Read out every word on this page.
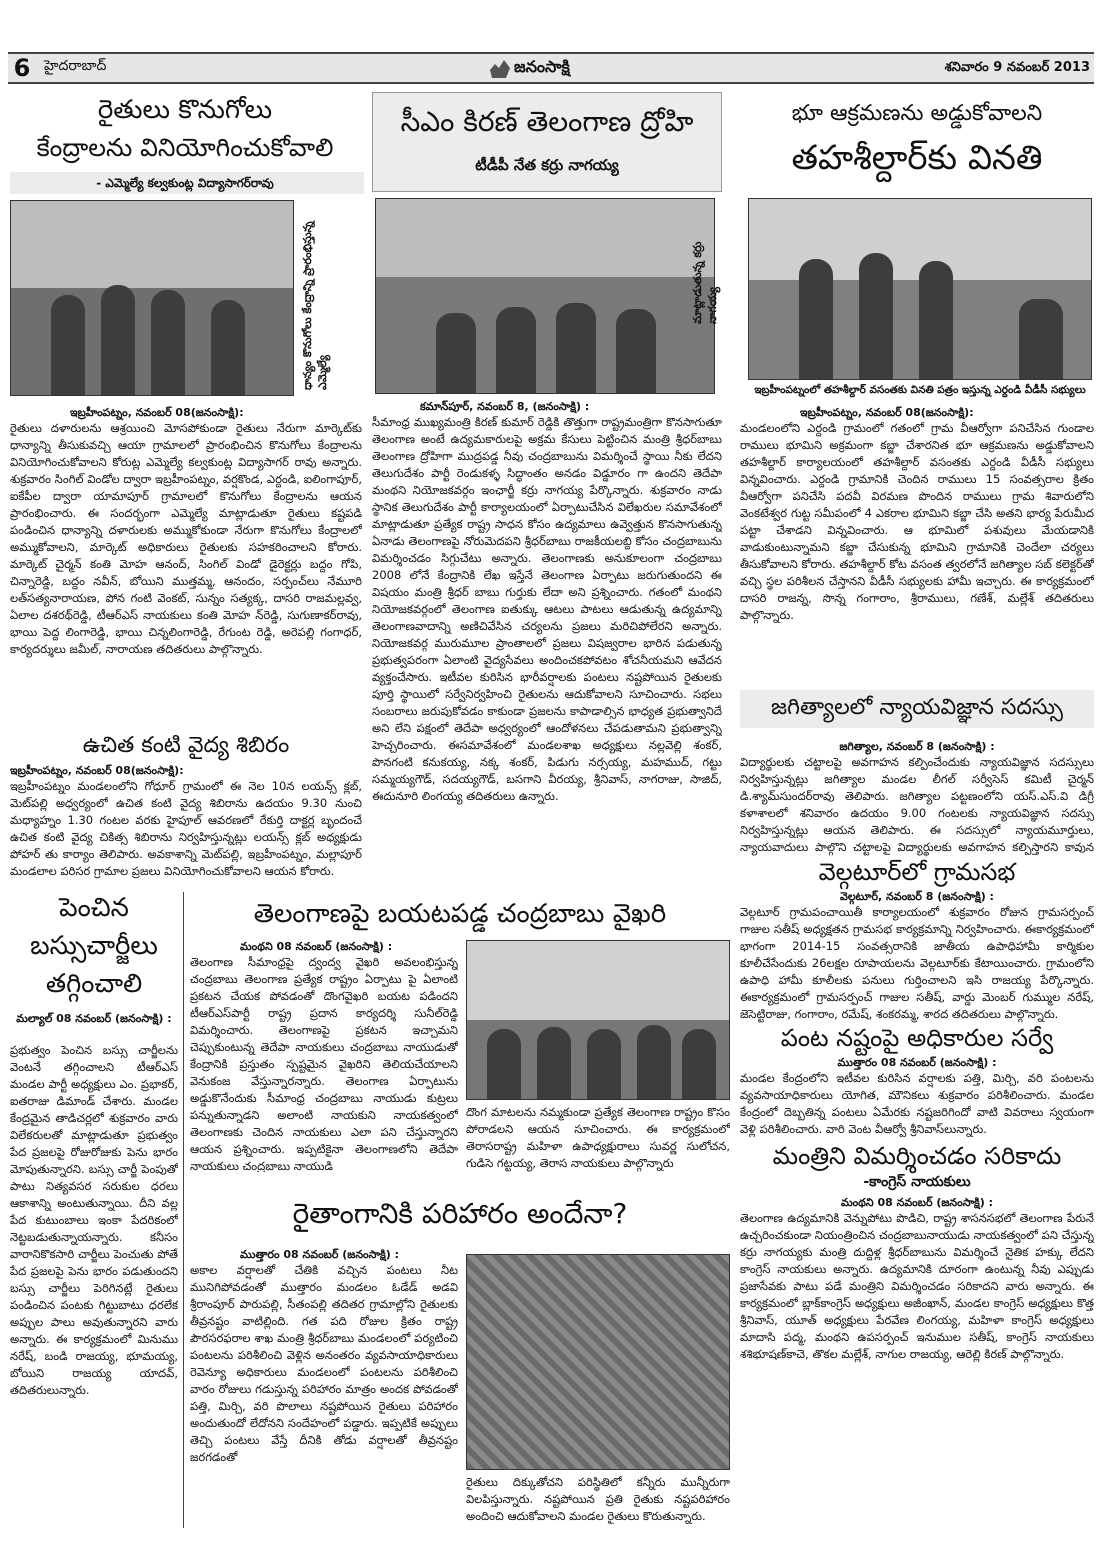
6 హైదరాబాద్	జనంసాక్షి	శనివారం 9 నవంబర్ 2013
రైతులు కొనుగోలు
కేంద్రాలను వినియోగించుకోవాలి
- ఎమ్మెల్యే కల్వకుంట్ల విద్యాసాగర్‌రావు
ధాన్యం కొనుగోలు కేంద్రాన్ని ప్రారంభిస్తున్న ఎమ్మెల్యే
ఇబ్రహీంపట్నం, నవంబర్ 08(జనంసాక్షి):
రైతులు దళారులను ఆశ్రయించి మోసపోకుండా రైతులు నేరుగా మార్కెట్‌కు ధాన్యాన్ని తీసుకువచ్చి ఆయా గ్రామాలలో ప్రారంభించిన కొనుగోలు కేంద్రాలను వినియోగించుకోవాలని కోరుట్ల ఎమ్మెల్యే కల్వకుంట్ల విద్యాసాగర్ రావు అన్నారు. శుక్రవారం సింగిల్ విండోల ద్వారా ఇబ్రహీంపట్నం, వర్షకొండ, ఎర్దండి, ఐలింగాపూర్, ఐకేపీల ద్వారా యామాపూర్ గ్రామాలలో కొనుగోలు కేంద్రాలను ఆయన ప్రారంభించారు. ఈ సందర్భంగా ఎమ్మెల్యే మాట్లాడుతూ రైతులు కష్టపడి పండించిన ధాన్యాన్ని దళారులకు అమ్ముకోకుండా నేరుగా కొనుగోలు కేంద్రాలలో అమ్ముకోవాలని, మార్కెట్ అధికారులు రైతులకు సహకరించాలని కోరారు. మార్కెట్ చైర్మన్ కంతి మోహ ఆనంద్, సింగిల్ విండో డైరెక్టర్లు బద్దం గోపి, చిన్నారెడ్డి, బద్దం నవీన్, బోయిని ముత్తమ్మ, ఆనందం, సర్పంచ్‌లు నేమూరి లత్‌సత్యనారాయణ, పోన గంటి వెంకట్, సున్నం సత్యక్క, దాసరి రాజమల్లవ్వ, ఏలాల దశరథ్‌రెడ్డి, టీఆర్‌ఎస్ నాయకులు కంతి మోహ న్‌రెడ్డి, సుగుణాకర్‌రావు, భాయి పెద్ద లింగారెడ్డి, భాయి చిన్నలింగారెడ్డి, రేగుంట రెడ్డి, అరెపల్లి గంగాధర్, కార్యదర్శులు జమీల్, నారాయణ తదితరులు పాల్గొన్నారు.
ఉచిత కంటి వైద్య శిబిరం
ఇబ్రహీంపట్నం, నవంబర్ 08(జనంసాక్షి):
ఇబ్రహీంపట్నం మండలంలోని గోధూర్ గ్రామంలో ఈ నెల 10న లయన్స్ క్లబ్, మెట్‌పల్లి అధ్వర్యంలో ఉచిత కంటి వైద్య శిబిరాను ఉదయం 9.30 నుంచి మధ్యాహ్నం 1.30 గంటల వరకు హైపూల్ ఆవరణలో రేకుర్తి దాక్టర్ల బృందంచే ఉచిత కంటి వైద్య చికిత్స శిబిరాను నిర్వహిస్తున్నట్లు లయన్స్ క్లబ్ అధ్యక్షుడు పోహర్ తు కార్యాం తెలిపారు. అవకాశాన్ని మెట్‌పల్లి, ఇబ్రహీంపట్నం, మల్లాపూర్ మండలాల పరిసర గ్రామాల ప్రజలు వినియోగించుకోవాలని ఆయన కోరారు.
పెంచిన
బస్సుచార్జీలు
తగ్గించాలి
మల్యాల్ 08 నవంబర్ (జనంసాక్షి) :
ప్రభుత్వం పెంచిన బస్సు చార్జీలను వెంటనే తగ్గించాలని టీఆర్‌ఎస్ మండల పార్టీ అధ్యక్షులు ఎం. ప్రభాకర్, ఐతరాజు డిమాండ్ చేశారు. మండల కేంద్రమైన తాడిచర్లలో శుక్రవారం వారు విలేకరులతో మాట్లాడుతూ ప్రభుత్వం పేద ప్రజలపై రోజురోజుకు పెను భారం మోపుతున్నారని. బస్సు చార్జీ పెంపుతో పాటు నిత్యవసర సరుకుల ధరలు ఆకాశాన్ని అంటుతున్నాయి. దీని వల్ల పేద కుటుంబాలు ఇంకా పేదరికంలో నెట్టబడుతున్నాయన్నారు. కనీసం వారానికొకసారి చార్జీలు పెంచుతు పోతే పేద ప్రజలపై పెను భారం పడుతుందని బస్సు చార్జీలు పెరిగినట్లే రైతులు పండించిన పంటకు గిట్టుబాటు ధరలేక అప్పుల పాలు అవుతున్నారని వారు అన్నారు. ఈ కార్యక్రమంలో మినుము నరేష్, బండి రాజయ్య, భూమయ్య, బోయిని రాజయ్య యాదవ్, తదితరులున్నారు.
సీఎం కిరణ్ తెలంగాణ ద్రోహి
టీడీపీ నేత కర్రు నాగయ్య
మాట్లాడుతున్న కర్రు నాగయ్య
కమాన్‌పూర్, నవంబర్ 8, (జనంసాక్షి) :
సీమాంధ్ర ముఖ్యమంత్రి కిరణ్ కుమార్ రెడ్డికి తొత్తుగా రాష్ట్రమంత్రిగా కొనసాగుతూ తెలంగాణ అంటే ఉద్యమకారులపై అక్రమ కేసులు పెట్టించిన మంత్రి శ్రీధర్‌బాబు తెలంగాణ ద్రోహిగా ముద్రపడ్డ నీవు చంద్రబాబును విమర్శించే స్థాయి నీకు లేదని తెలుగుదేశం పార్టీ రెండుకళ్ళ సిద్ధాంతం అనడం విడ్డూరం గా ఉందని తెదేపా మంథని నియోజకవర్గం ఇంఛార్జీ కర్రు నాగయ్య పేర్కొన్నారు. శుక్రవారం నాడు స్థానిక తెలుగుదేశం పార్టీ కార్యాలయంలో ఏర్పాటుచేసిన విలేఖరుల సమావేశంలో మాట్లాడుతూ ప్రత్యేక రాష్ట్ర సాధన కోసం ఉద్యమాలు ఉవ్వెత్తున కొనసాగుతున్న ఏనాడు తెలంగాణపై నోరుమెదపని శ్రీధర్‌బాబు రాజకీయలబ్ది కోసం చంద్రబాబును విమర్శించడం సిగ్గుచేటు అన్నారు. తెలంగాణకు అనుకూలంగా చంద్రబాబు 2008 లోనే కేంద్రానికి లేఖ ఇస్తేనే తెలంగాణ ఏర్పాటు జరుగుతుందని ఈ విషయం మంత్రి శ్రీధర్ బాబు గుర్తుకు లేదా అని ప్రశ్నించారు. గతంలో మంథని నియోజకవర్గంలో తెలంగాణ ఐతుక్కు ఆటలు పాటలు ఆడుతున్న ఉద్యమాన్ని తెలంగాణవాదాన్ని అణిచివేసిన చర్యలను ప్రజలు మరిచిపోలేరని అన్నారు. నియోజకవర్గ మురుమూల ప్రాంతాలలో ప్రజలు విషజ్వరాల భారిన పడుతున్న ప్రభుత్వపరంగా ఏలాంటి వైద్యసేవలు అందించకపోవటం శోచనీయమని ఆవేదన వ్యక్తంచేసారు. ఇటీవల కురిసిన భారీవర్షాలకు పంటలు నష్టపోయిన రైతులకు పూర్తి స్థాయిలో సర్వేనిర్వహించి రైతులను ఆదుకోవాలని సూచించారు. సభలు సంబరాలు జరుపుకోవడం కాకుండా ప్రజలను కాపాడాల్సిన భాధ్యత ప్రభుత్వానిదే అని లేని పక్షంలో తెదేపా అధ్వర్యంలో ఆందోళనలు చేపడుతామని ప్రభుత్వాన్ని హెచ్చరించారు. ఈసమావేశంలో మండలశాఖ అధ్యక్షులు నల్లవెల్లి శంకర్, పొనగంటి కనుకయ్య, నక్క శంకర్, పిడుగు నర్సయ్య, మహముద్, గట్టు సమ్మయ్యగౌడ్, సదయ్యగౌడ్, బసగాని వీరయ్య, శ్రీనివాస్, నాగరాజు, సాజిద్, ఈదునూరి లింగయ్య తదితరులు ఉన్నారు.
తెలంగాణపై బయటపడ్డ చంద్రబాబు వైఖరి
మంథని 08 నవంబర్ (జనంసాక్షి) :
తెలంగాణ సీమాంధ్రపై ద్వంద్వ వైఖరి అవలంభిస్తున్న చంద్రబాబు తెలంగాణ ప్రత్యేక రాష్ట్రం ఏర్పాటు పై ఏలాంటి ప్రకటన చేయక పోవడంతో దొంగవైఖరి బయట పడిందని టీఆర్‌ఎస్‌పార్టీ రాష్ట్ర ప్రదాన కార్యదర్శి సునీల్‌రెడ్డి విమర్శించారు. తెలంగాణపై ప్రకటన ఇచ్చామని చెప్పుకుంటున్న తెదేపా నాయకులు చంద్రబాబు నాయుడుతో కేంద్రానికి ప్రస్తుతం స్పష్టమైన వైఖరిని తెలియచేయాలని వెనుకంజ వేస్తున్నారన్నారు. తెలంగాణ ఏర్పాటును అడ్డుకొనేందుకు సీమాంధ్ర చంద్రబాబు నాయుడు కుట్రలు పన్నుతున్నాడని అలాంటి నాయకుని నాయకత్వంలో తెలంగాణకు చెందిన నాయకులు ఎలా పని చేస్తున్నారని ఆయన ప్రశ్నించారు. ఇప్పటికైనా తెలంగాణలోని తెదేపా నాయకులు చంద్రబాబు నాయుడి
దొంగ మాటలను నమ్మకుండా ప్రత్యేక తెలంగాణ రాష్ట్రం కొసం పోరాడలని ఆయన సూచించారు. ఈ కార్యక్రమంలో తెరాసరాష్ట్ర మహిళా ఉపాధ్యక్షురాలు సువర్ణ సులోచన, గుడిసె గట్టయ్య, తెరాస నాయకులు పాల్గొన్నారు
రైతాంగానికి పరిహారం అందేనా?
ముత్తారం 08 నవంబర్ (జనంసాక్షి) :
అకాల వర్షాలతో చేతికి వచ్చిన పంటలు నీట మునిగిపోవడంతో ముత్తారం మండలం ఓడేడ్ అడవి శ్రీరాంపూర్ పారుపల్లి, సీతంపల్లి తదితర గ్రామాల్లోని రైతులకు తీవ్రనష్టం వాటిల్లింది. గత పది రోజుల క్రితం రాష్ట్ర పౌరసరఫరాల శాఖ మంత్రి శ్రీధర్‌బాబు మండలంలో పర్యటించి పంటలను పరిశీలించి వెళ్లిన అనంతరం వ్యవసాయాధికారులు రెవెన్యూ అధికారులు మండలంలో పంటలను పరిశీలించి వారం రోజులు గడుస్తున్న పరిహారం మాత్రం అందక పోవడంతో పత్తి, మిర్చి, వరి పొలాలు నష్టపోయిన రైతులు పరిహారం అందుతుందో లేదోనని సందేహంలో పడ్డారు. ఇప్పటికే అప్పులు తెచ్చి పంటలు వేస్తే దీనికి తోడు వర్షాలతో తీవ్రనష్టం జరగడంతో
రైతులు దిక్కుతోచని పరిస్థితిలో కన్నీరు మున్నీరుగా విలపిస్తున్నారు. నష్టపోయిన ప్రతి రైతుకు నష్టపరిహారం అందించి ఆదుకోవాలని మండల రైతులు కొరుతున్నారు.
భూ ఆక్రమణను అడ్డుకోవాలని
తహశీల్దార్‌కు వినతి
ఇబ్రహీంపట్నంలో తహశీల్దార్ వసంతకు వినతి పత్రం ఇస్తున్న ఎర్దండి వీడీసీ సభ్యులు
ఇబ్రహీంపట్నం, నవంబర్ 08(జనంసాక్షి):
మండలంలోని ఎర్దండి గ్రామంలో గతంలో గ్రామ వీఆర్వోగా పనిచేసిన గుండాల రాములు భూమిని అక్రమంగా కబ్జా చేశారనిత భూ ఆక్రమణను అడ్డుకోవాలని తహశీల్దార్ కార్యాలయంలో తహశీల్దార్ వసంతకు ఎర్దండి వీడీసీ సభ్యులు విన్నవించారు. ఎర్దండి గ్రామానికి చెందిన రాములు 15 సంవత్సరాల క్రితం వీఆర్వోగా పనిచేసి పదవీ విరమణ పొందిన రాములు గ్రామ శివారులోని వెంకటేశ్వర గుట్ట సమీపంలో 4 ఎకరాల భూమిని కబ్జా చేసి అతని భార్య పేరుమీద పట్టా చేశాడని విన్నవించారు. ఆ భూమిలో పశువులు మేయడానికి వాడుకుంటున్నామని కబ్జా చేసుకున్న భూమిని గ్రామానికి చెందేలా చర్యలు తీసుకోవాలని కోరారు. తహశీల్దార్ కోట వసంత త్వరలోనే జగిత్యాల సబ్ కలెక్టర్‌తో వచ్చి స్థల పరిశీలన చేస్తానని వీడీసీ సభ్యులకు హామీ ఇచ్చారు. ఈ కార్యక్రమంలో దాసరి రాజన్న, సొన్న గంగారాం, శ్రీరాములు, గణేశ్, మల్లేశ్ తదితరులు పాల్గొన్నారు.
జగిత్యాలలో న్యాయవిజ్ఞాన సదస్సు
జగిత్యాల, నవంబర్ 8 (జనంసాక్షి) :
విద్యార్థులకు చట్టాలపై అవగాహన కల్పించేందుకు న్యాయవిజ్ఞాన సదస్సులు నిర్వహిస్తున్నట్లు జగిత్యాల మండల లీగల్ సర్వీసెస్ కమిటీ చైర్మన్ డి.శ్యామ్‌సుందర్‌రావు తెలిపారు. జగిత్యాల పట్టణంలోని యస్.ఎస్.వి డిగ్రీ కళాశాలలో శనివారం ఉదయం 9.00 గంటలకు న్యాయవిజ్ఞాన సదస్సు నిర్వహిస్తున్నట్లు ఆయన తెలిపారు. ఈ సదస్సులో న్యాయమూర్తులు, న్యాయవాదులు పాల్గొని చట్టాలపై విద్యార్థులకు అవగాహన కల్పిస్తారని కావున
వెల్గటూర్‌లో గ్రామసభ
వెల్గటూర్, నవంబర్ 8 (జనంసాక్షి) :
వెల్గటూర్ గ్రామపంచాయితీ కార్యాలయంలో శుక్రవారం రోజున గ్రామసర్పంచ్ గాజుల సతీష్ అధ్యక్షతన గ్రామసభ కార్యక్రమాన్ని నిర్వహించారు. ఈకార్యక్రమంలో భాగంగా 2014-15 సంవత్సరానికి జాతీయ ఉపాధిహామీ కార్మికుల కూలీచేసేందుకు 26లక్షల రూపాయలను వెల్గటూర్‌కు కేటాయించారు. గ్రామంలోని ఉపాధి హామీ కూలీలకు పనులు గుర్తించాలని ఇసి రాజయ్య పేర్కొన్నారు. ఈకార్యక్రమంలో గ్రామసర్పంచ్ గాజుల సతీష్, వార్డు మెంబర్ గుమ్ముల నరేష్, జెసెట్టిరాజు, గంగారాం, రమేష్, శంకరమ్మ, శారద తదితరులు పాల్గొన్నారు.
పంట నష్టంపై అధికారుల సర్వే
ముత్తారం 08 నవంబర్ (జనంసాక్షి) :
మండల కేంద్రంలోని ఇటీవల కురిసిన వర్షాలకు పత్తి, మిర్చి, వరి పంటలను వ్యవసాయాధికారులు యోగిత, మౌనికలు శుక్రవారం పరిశీలించారు. మండల కేంద్రంలో దెబ్బతిన్న పంటలు ఏమేరకు నష్టజరిగిందో వాటి వివరాలు స్వయంగా వెళ్లి పరిశీలించారు. వారి వెంట వీఆర్వో శ్రీనివాస్‌లున్నారు.
మంత్రిని విమర్శించడం సరికాదు
-కాంగ్రెస్ నాయకులు
మంథని 08 నవంబర్ (జనంసాక్షి) :
తెలంగాణ ఉద్యమానికి వెన్నుపోటు పొడిచి, రాష్ట్ర శాసనసభలో తెలంగాణ పేరునే ఉచ్చరించకుండా నియంత్రించిన చంద్రబాబునాయుడు నాయకత్వంలో పని చేస్తున్న కర్రు నాగయ్యకు మంత్రి దుద్దిళ్ల శ్రీధర్‌బాబును విమర్శించే నైతిక హక్కు లేదని కాంగ్రెస్ నాయకులు అన్నారు. ఉద్యమానికి దూరంగా ఉంటున్న నీవు ఎప్పుడు ప్రజాసేవకు పాటు పడే మంత్రిని విమర్శించడం సరికాదని వారు అన్నారు. ఈ కార్యక్రమంలో బ్లాక్‌కాంగ్రెస్ అధ్యక్షులు అజీంఖాన్, మండల కాంగ్రెస్ అధ్యక్షులు కొత్త శ్రీనివాస్, యూత్ అధ్యక్షులు పేరవేణ లింగయ్య, మహిళా కాంగ్రెస్ అధ్యక్షులు మాదాసి పద్మ, మంథని ఉపసర్పంచ్ ఇనుముల సతీష్, కాంగ్రెస్ నాయకులు శశిభూషణ్‌కాచె, తొకల మల్లేశ్, నాగుల రాజయ్య, ఆరెల్లి కిరణ్ పాల్గొన్నారు.
